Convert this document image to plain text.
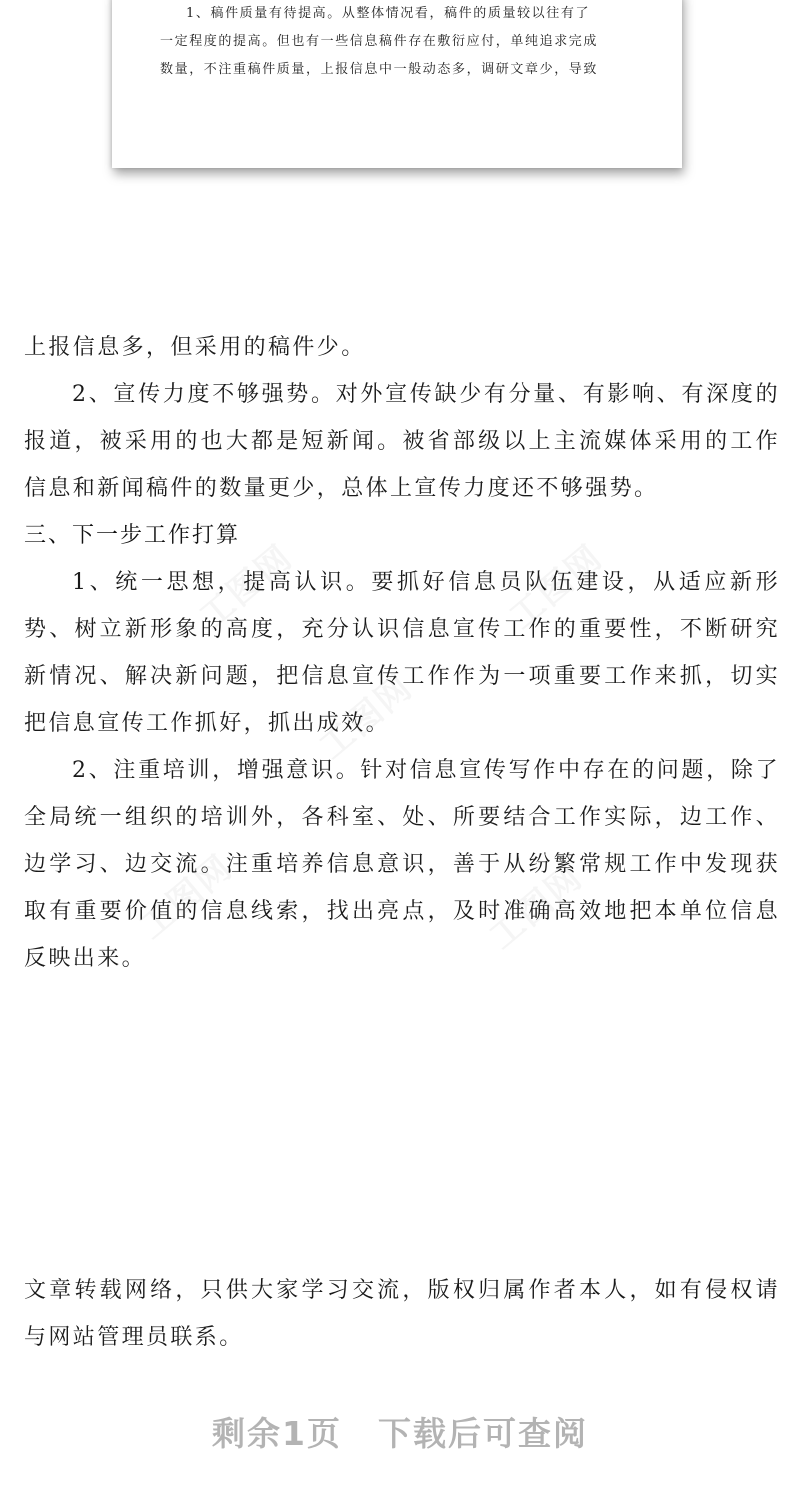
工图网	工图网
工图网
工图网	工图网

1、稿件质量有待提高。从整体情况看，稿件的质量较以往有了

一定程度的提高。但也有一些信息稿件存在敷衍应付，单纯追求完成

数量，不注重稿件质量，上报信息中一般动态多，调研文章少，导致

上报信息多，但采用的稿件少。

2、宣传力度不够强势。对外宣传缺少有分量、有影响、有深度的报道，被采用的也大都是短新闻。被省部级以上主流媒体采用的工作信息和新闻稿件的数量更少，总体上宣传力度还不够强势。

三、下一步工作打算

1、统一思想，提高认识。要抓好信息员队伍建设，从适应新形势、树立新形象的高度，充分认识信息宣传工作的重要性，不断研究新情况、解决新问题，把信息宣传工作作为一项重要工作来抓，切实把信息宣传工作抓好，抓出成效。

2、注重培训，增强意识。针对信息宣传写作中存在的问题，除了全局统一组织的培训外，各科室、处、所要结合工作实际，边工作、边学习、边交流。注重培养信息意识，善于从纷繁常规工作中发现获取有重要价值的信息线索，找出亮点，及时准确高效地把本单位信息反映出来。

文章转载网络，只供大家学习交流，版权归属作者本人，如有侵权请与网站管理员联系。

剩余1页 下载后可查阅
